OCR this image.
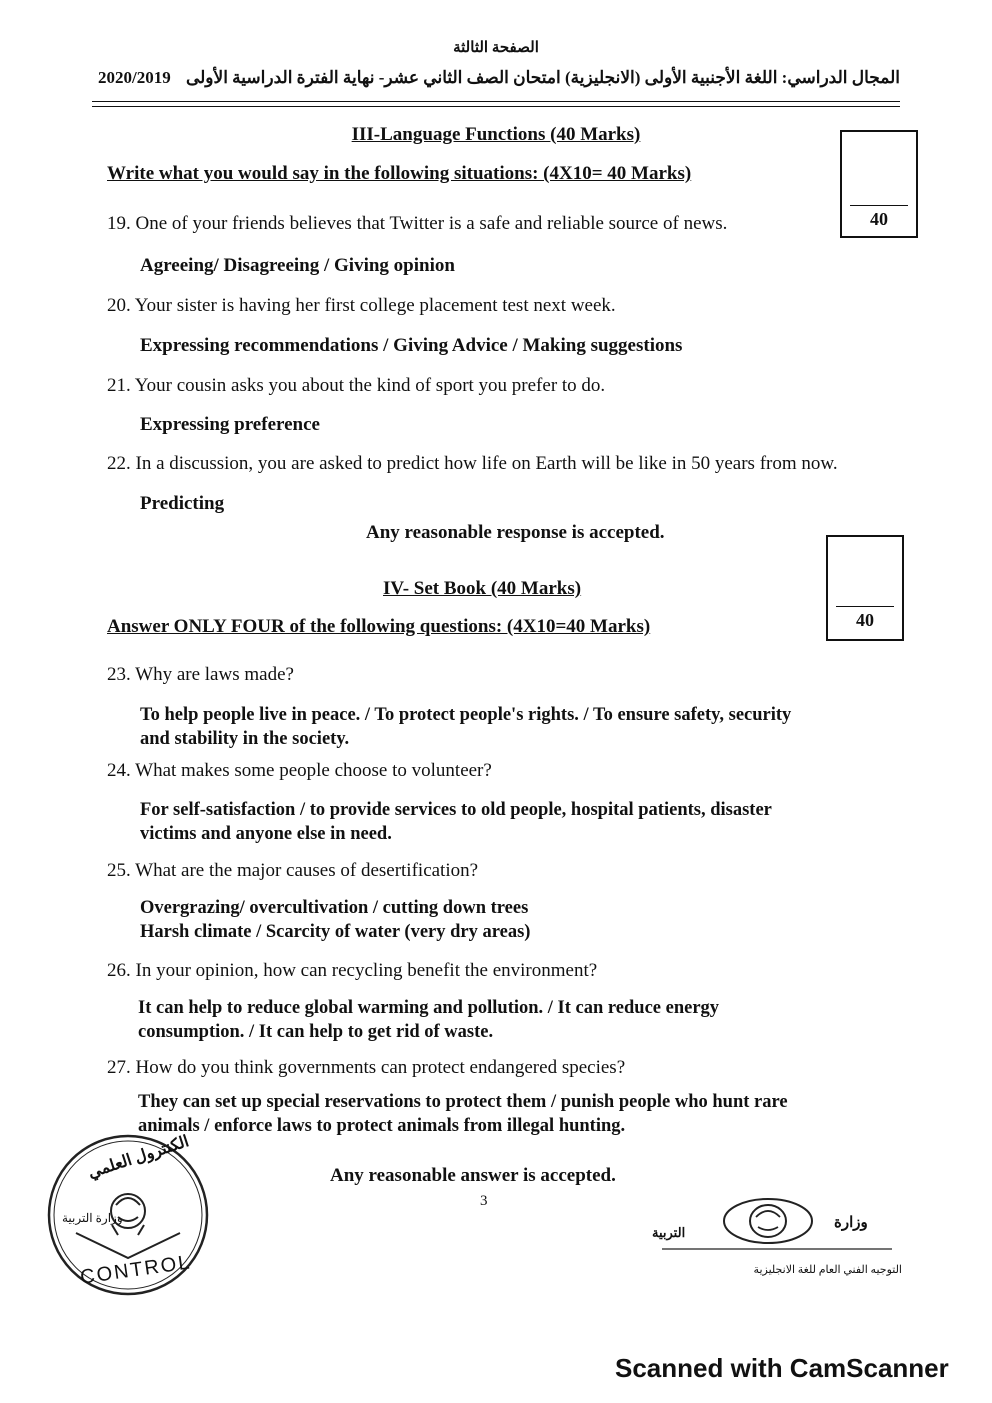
الصفحة الثالثة
2020/2019 المجال الدراسي: اللغة الأجنبية الأولى (الانجليزية) امتحان الصف الثاني عشر- نهاية الفترة الدراسية الأولى
III-Language Functions (40 Marks)
Write what you would say in the following situations: (4X10= 40 Marks)
40
19. One of your friends believes that Twitter is a safe and reliable source of news.
Agreeing/ Disagreeing / Giving opinion
20. Your sister is having her first college placement test next week.
Expressing recommendations / Giving Advice / Making suggestions
21. Your cousin asks you about the kind of sport you prefer to do.
Expressing preference
22. In a discussion, you are asked to predict how life on Earth will be like in 50 years from now.
Predicting
Any reasonable response is accepted.
40
IV- Set Book (40 Marks)
Answer ONLY FOUR of the following questions: (4X10=40 Marks)
23. Why are laws made?
To help people live in peace. / To protect people's rights. / To ensure safety, security
and stability in the society.
24. What makes some people choose to volunteer?
For self-satisfaction / to provide services to old people, hospital patients, disaster
victims and anyone else in need.
25. What are the major causes of desertification?
Overgrazing/ overcultivation / cutting down trees
Harsh climate / Scarcity of water (very dry areas)
26. In your opinion, how can recycling benefit the environment?
It can help to reduce global warming and pollution. / It can reduce energy
consumption. / It can help to get rid of waste.
27. How do you think governments can protect endangered species?
They can set up special reservations to protect them / punish people who hunt rare
animals / enforce laws to protect animals from illegal hunting.
Any reasonable answer is accepted.
3
الكنترول العلمي
وزارة التربية
CONTROL
وزارة
التربية
التوجيه الفني العام للغة الانجليزية
Scanned with CamScanner
